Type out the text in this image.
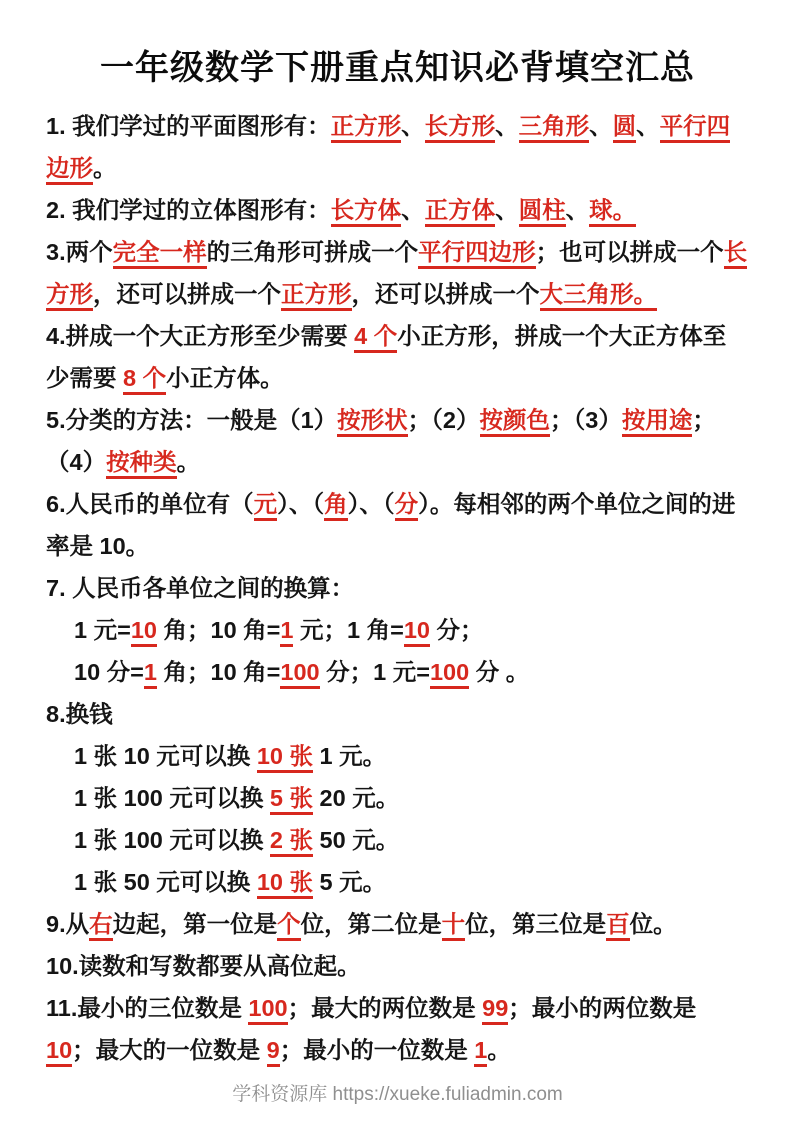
一年级数学下册重点知识必背填空汇总

1. 我们学过的平面图形有：正方形、长方形、三角形、圆、平行四边形。

2. 我们学过的立体图形有：长方体、正方体、圆柱、球。

3.两个完全一样的三角形可拼成一个平行四边形；也可以拼成一个长方形，还可以拼成一个正方形，还可以拼成一个大三角形。

4.拼成一个大正方形至少需要 4 个小正方形，拼成一个大正方体至少需要 8 个小正方体。

5.分类的方法：一般是（1）按形状；（2）按颜色；（3）按用途；（4）按种类。

6.人民币的单位有（元）、（角）、（分）。每相邻的两个单位之间的进率是 10。

7. 人民币各单位之间的换算：

1 元=10 角；10 角=1 元；1 角=10 分；

10 分=1 角；10 角=100 分；1 元=100 分 。

8.换钱

1 张 10 元可以换 10 张 1 元。

1 张 100 元可以换 5 张 20 元。

1 张 100 元可以换 2 张 50 元。

1 张 50 元可以换 10 张 5 元。

9.从右边起，第一位是个位，第二位是十位，第三位是百位。

10.读数和写数都要从高位起。

11.最小的三位数是 100；最大的两位数是 99；最小的两位数是 10；最大的一位数是 9；最小的一位数是 1。

学科资源库 https://xueke.fuliadmin.com
